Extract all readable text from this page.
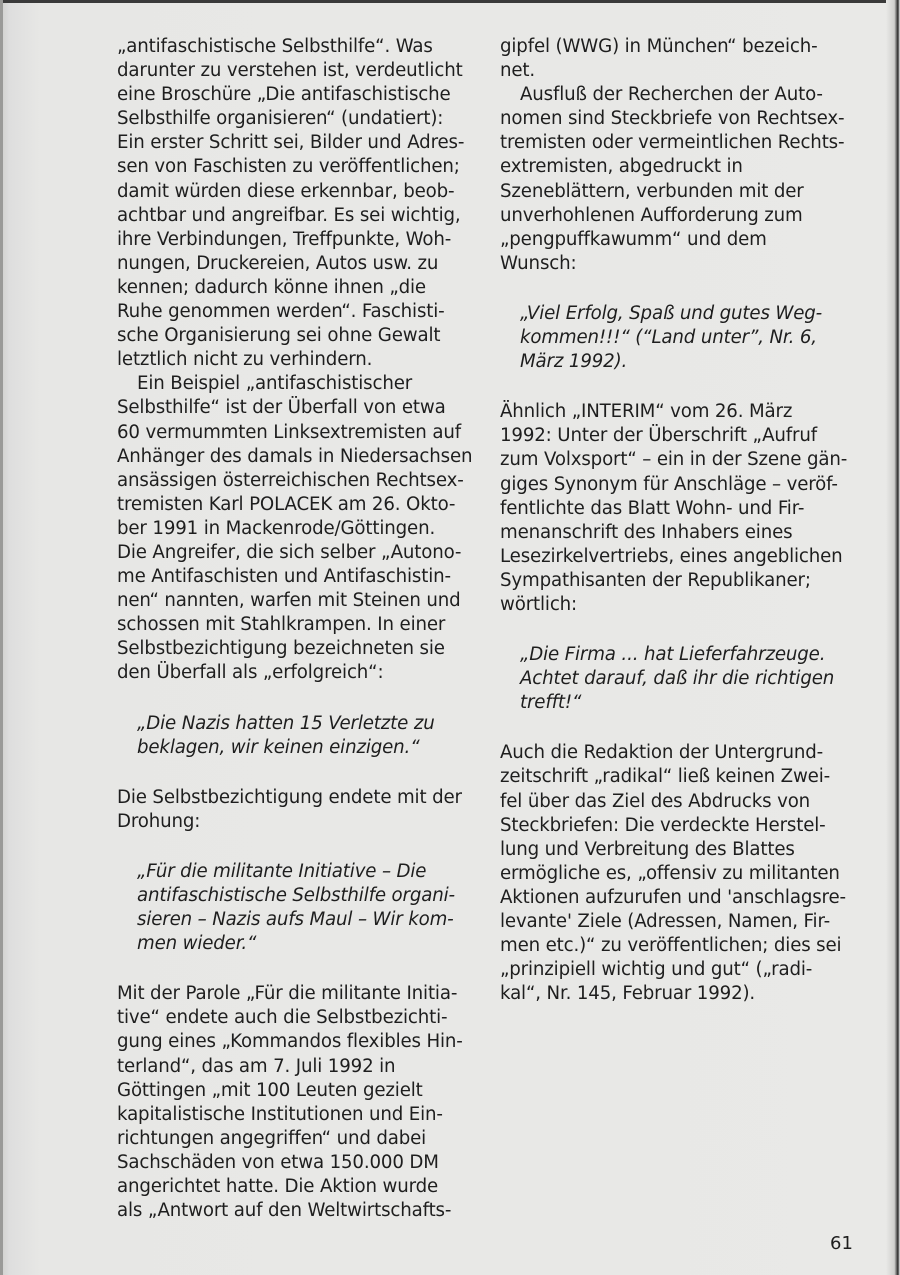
„antifaschistische Selbsthilfe“. Was
darunter zu verstehen ist, verdeutlicht
eine Broschüre „Die antifaschistische
Selbsthilfe organisieren“ (undatiert):
Ein erster Schritt sei, Bilder und Adres-
sen von Faschisten zu veröffentlichen;
damit würden diese erkennbar, beob-
achtbar und angreifbar. Es sei wichtig,
ihre Verbindungen, Treffpunkte, Woh-
nungen, Druckereien, Autos usw. zu
kennen; dadurch könne ihnen „die
Ruhe genommen werden“. Faschisti-
sche Organisierung sei ohne Gewalt
letztlich nicht zu verhindern.
Ein Beispiel „antifaschistischer
Selbsthilfe“ ist der Überfall von etwa
60 vermummten Linksextremisten auf
Anhänger des damals in Niedersachsen
ansässigen österreichischen Rechtsex-
tremisten Karl POLACEK am 26. Okto-
ber 1991 in Mackenrode/Göttingen.
Die Angreifer, die sich selber „Autono-
me Antifaschisten und Antifaschistin-
nen“ nannten, warfen mit Steinen und
schossen mit Stahlkrampen. In einer
Selbstbezichtigung bezeichneten sie
den Überfall als „erfolgreich“:
„Die Nazis hatten 15 Verletzte zu
beklagen, wir keinen einzigen.“
Die Selbstbezichtigung endete mit der
Drohung:
„Für die militante Initiative – Die
antifaschistische Selbsthilfe organi-
sieren – Nazis aufs Maul – Wir kom-
men wieder.“
Mit der Parole „Für die militante Initia-
tive“ endete auch die Selbstbezichti-
gung eines „Kommandos flexibles Hin-
terland“, das am 7. Juli 1992 in
Göttingen „mit 100 Leuten gezielt
kapitalistische Institutionen und Ein-
richtungen angegriffen“ und dabei
Sachschäden von etwa 150.000 DM
angerichtet hatte. Die Aktion wurde
als „Antwort auf den Weltwirtschafts-
gipfel (WWG) in München“ bezeich-
net.
Ausfluß der Recherchen der Auto-
nomen sind Steckbriefe von Rechtsex-
tremisten oder vermeintlichen Rechts-
extremisten, abgedruckt in
Szeneblättern, verbunden mit der
unverhohlenen Aufforderung zum
„pengpuffkawumm“ und dem
Wunsch:
„Viel Erfolg, Spaß und gutes Weg-
kommen!!!“ (“Land unter”, Nr. 6,
März 1992).
Ähnlich „INTERIM“ vom 26. März
1992: Unter der Überschrift „Aufruf
zum Volxsport“ – ein in der Szene gän-
giges Synonym für Anschläge – veröf-
fentlichte das Blatt Wohn- und Fir-
menanschrift des Inhabers eines
Lesezirkelvertriebs, eines angeblichen
Sympathisanten der Republikaner;
wörtlich:
„Die Firma ... hat Lieferfahrzeuge.
Achtet darauf, daß ihr die richtigen
trefft!“
Auch die Redaktion der Untergrund-
zeitschrift „radikal“ ließ keinen Zwei-
fel über das Ziel des Abdrucks von
Steckbriefen: Die verdeckte Herstel-
lung und Verbreitung des Blattes
ermögliche es, „offensiv zu militanten
Aktionen aufzurufen und 'anschlagsre-
levante' Ziele (Adressen, Namen, Fir-
men etc.)“ zu veröffentlichen; dies sei
„prinzipiell wichtig und gut“ („radi-
kal“, Nr. 145, Februar 1992).
61
